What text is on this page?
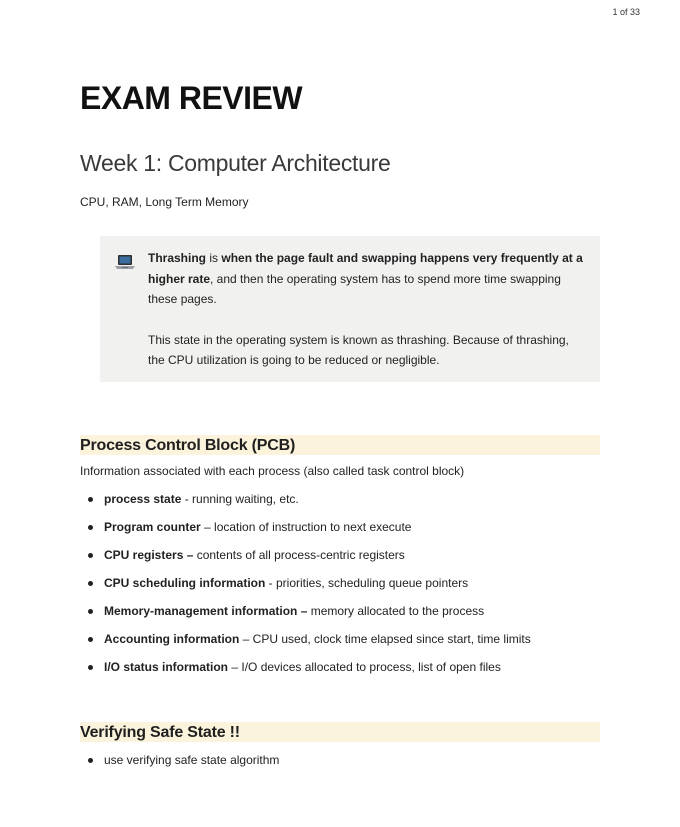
1 of 33
EXAM REVIEW
Week 1: Computer Architecture

CPU, RAM, Long Term Memory

Thrashing is when the page fault and swapping happens very frequently at a higher rate, and then the operating system has to spend more time swapping these pages.

This state in the operating system is known as thrashing. Because of thrashing, the CPU utilization is going to be reduced or negligible.

Process Control Block (PCB)

Information associated with each process (also called task control block)

process state - running waiting, etc.
Program counter – location of instruction to next execute
CPU registers – contents of all process-centric registers
CPU scheduling information - priorities, scheduling queue pointers
Memory-management information – memory allocated to the process
Accounting information – CPU used, clock time elapsed since start, time limits
I/O status information – I/O devices allocated to process, list of open files
Verifying Safe State !!
use verifying safe state algorithm
